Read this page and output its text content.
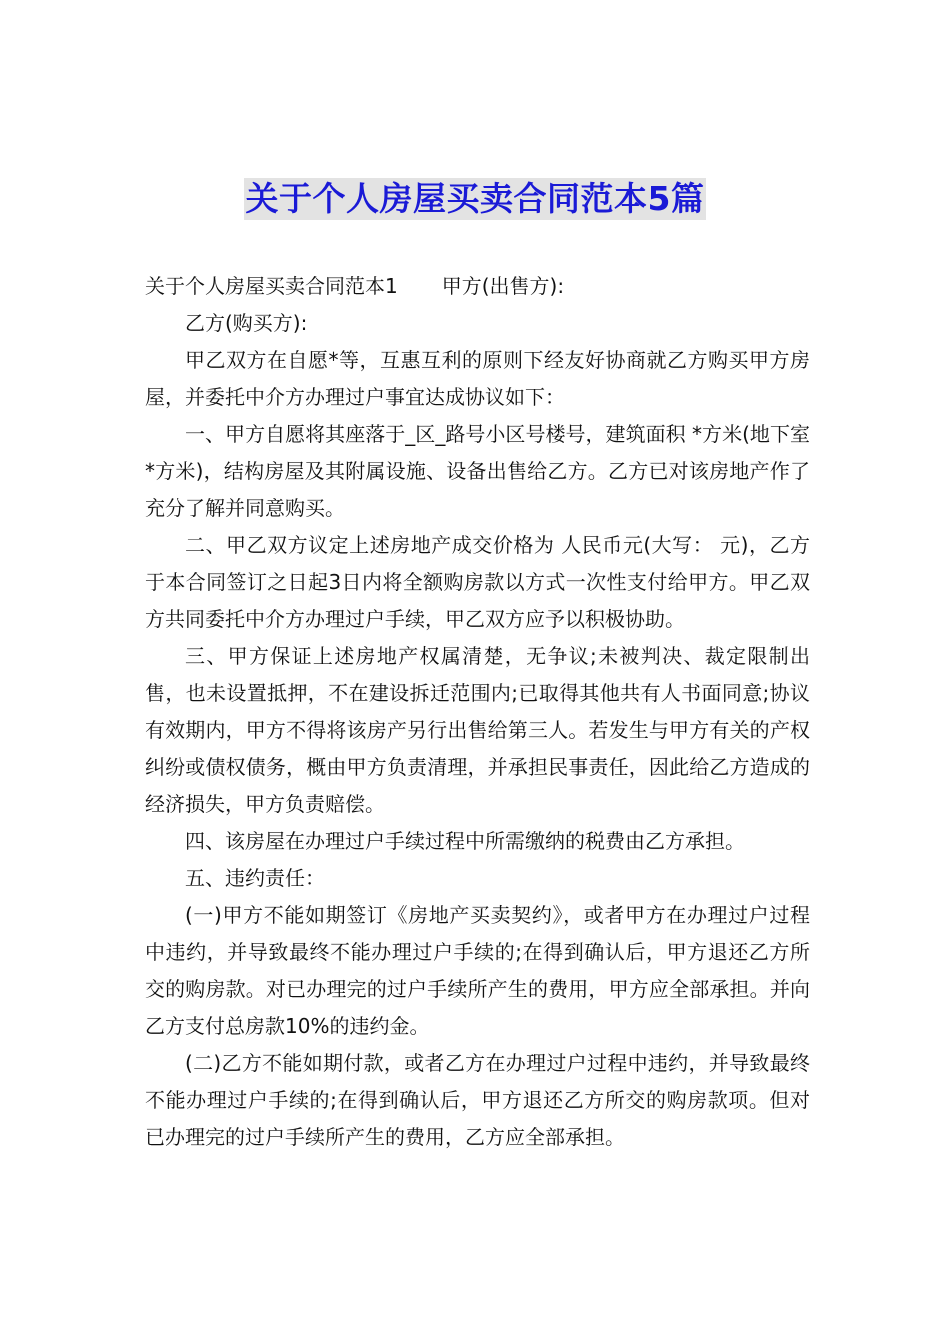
关于个人房屋买卖合同范本5篇

关于个人房屋买卖合同范本1 甲方(出售方):

乙方(购买方):

甲乙双方在自愿*等，互惠互利的原则下经友好协商就乙方购买甲方房屋，并委托中介方办理过户事宜达成协议如下：

一、甲方自愿将其座落于_区_路号小区号楼号，建筑面积 *方米(地下室 *方米)，结构房屋及其附属设施、设备出售给乙方。乙方已对该房地产作了充分了解并同意购买。

二、甲乙双方议定上述房地产成交价格为 人民币元(大写： 元)，乙方于本合同签订之日起3日内将全额购房款以方式一次性支付给甲方。甲乙双方共同委托中介方办理过户手续，甲乙双方应予以积极协助。

三、甲方保证上述房地产权属清楚，无争议;未被判决、裁定限制出售，也未设置抵押，不在建设拆迁范围内;已取得其他共有人书面同意;协议有效期内，甲方不得将该房产另行出售给第三人。若发生与甲方有关的产权纠纷或债权债务，概由甲方负责清理，并承担民事责任，因此给乙方造成的经济损失，甲方负责赔偿。

四、该房屋在办理过户手续过程中所需缴纳的税费由乙方承担。

五、违约责任：

(一)甲方不能如期签订《房地产买卖契约》，或者甲方在办理过户过程中违约，并导致最终不能办理过户手续的;在得到确认后，甲方退还乙方所交的购房款。对已办理完的过户手续所产生的费用，甲方应全部承担。并向乙方支付总房款10%的违约金。

(二)乙方不能如期付款，或者乙方在办理过户过程中违约，并导致最终不能办理过户手续的;在得到确认后，甲方退还乙方所交的购房款项。但对已办理完的过户手续所产生的费用，乙方应全部承担。
